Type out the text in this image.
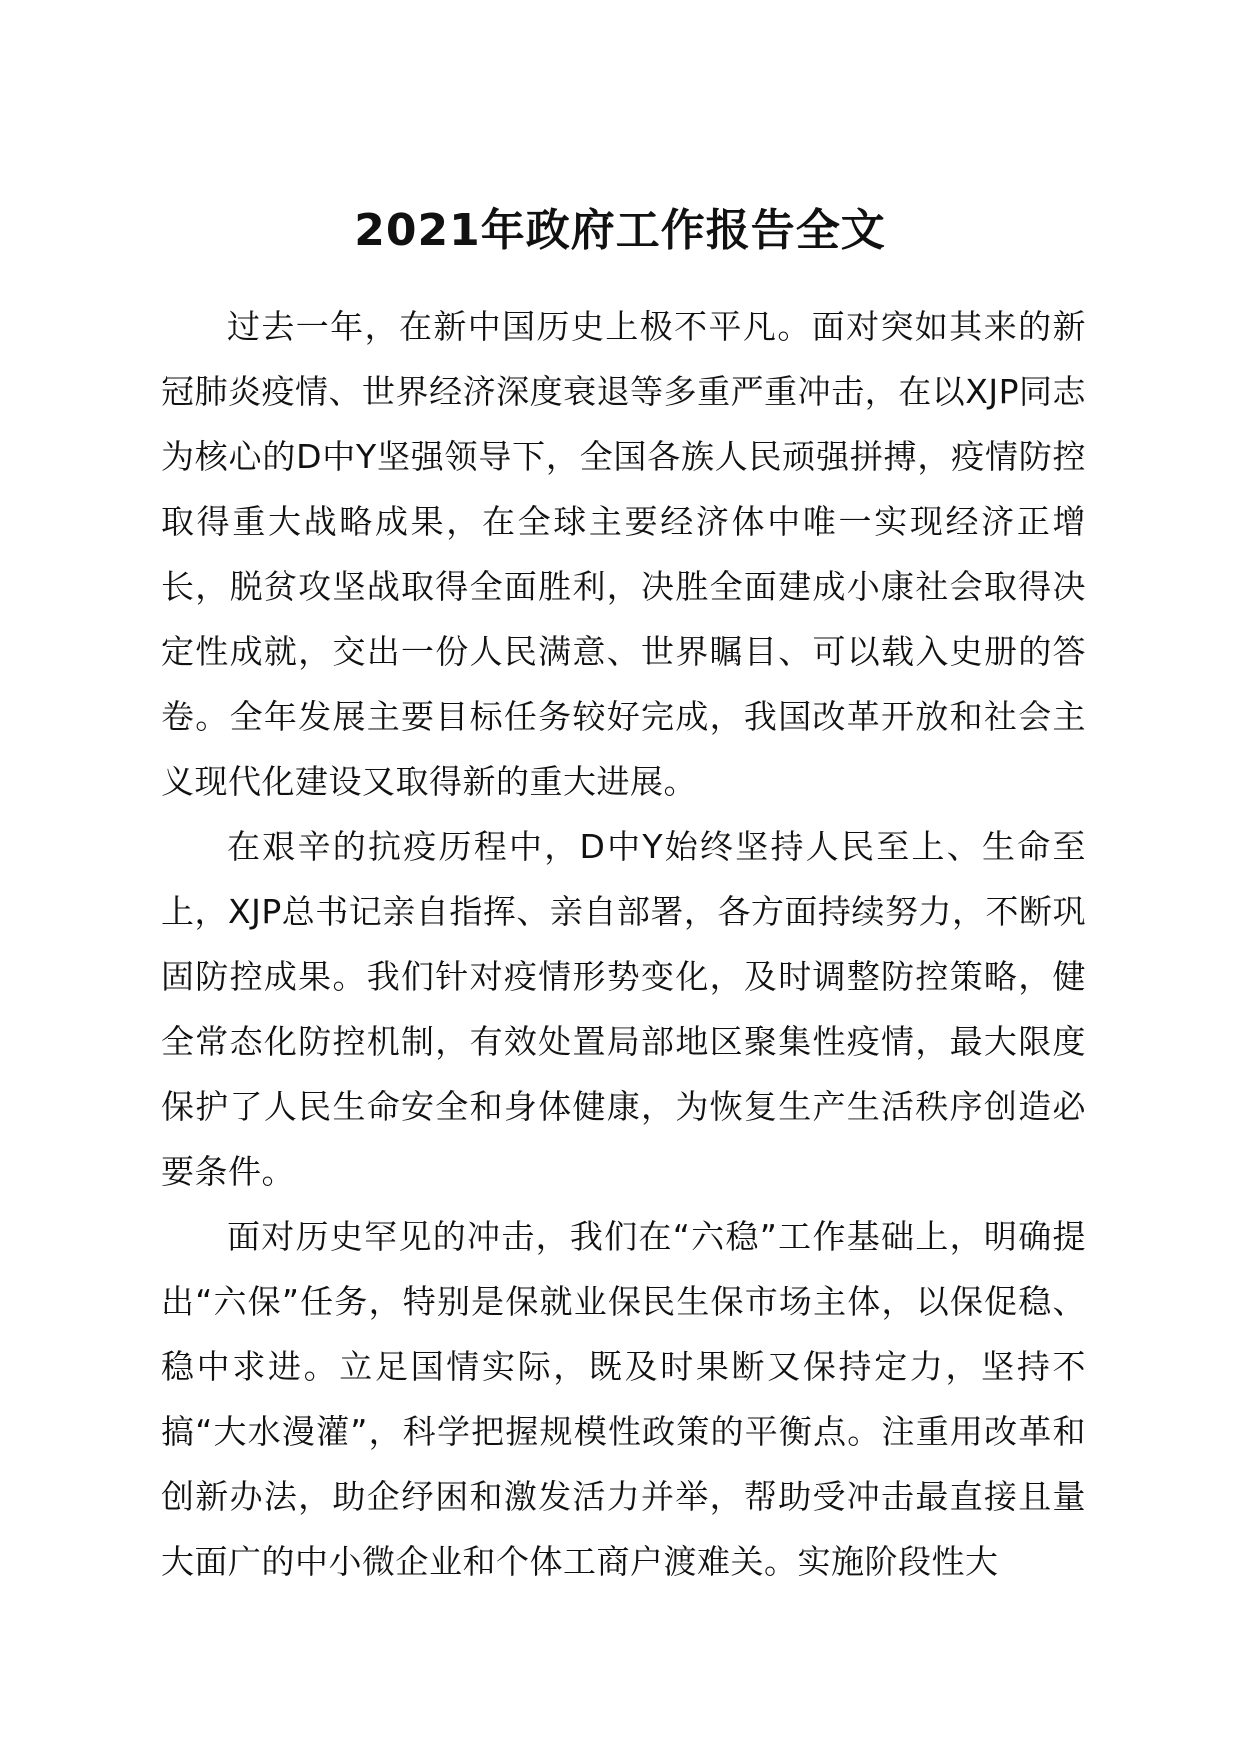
2021年政府工作报告全文

过去一年，在新中国历史上极不平凡。面对突如其来的新冠肺炎疫情、世界经济深度衰退等多重严重冲击，在以XJP同志为核心的D中Y坚强领导下，全国各族人民顽强拼搏，疫情防控取得重大战略成果，在全球主要经济体中唯一实现经济正增长，脱贫攻坚战取得全面胜利，决胜全面建成小康社会取得决定性成就，交出一份人民满意、世界瞩目、可以载入史册的答卷。全年发展主要目标任务较好完成，我国改革开放和社会主义现代化建设又取得新的重大进展。

在艰辛的抗疫历程中，D中Y始终坚持人民至上、生命至上，XJP总书记亲自指挥、亲自部署，各方面持续努力，不断巩固防控成果。我们针对疫情形势变化，及时调整防控策略，健全常态化防控机制，有效处置局部地区聚集性疫情，最大限度保护了人民生命安全和身体健康，为恢复生产生活秩序创造必要条件。

面对历史罕见的冲击，我们在“六稳”工作基础上，明确提出“六保”任务，特别是保就业保民生保市场主体，以保促稳、稳中求进。立足国情实际，既及时果断又保持定力，坚持不搞“大水漫灌”，科学把握规模性政策的平衡点。注重用改革和创新办法，助企纾困和激发活力并举，帮助受冲击最直接且量大面广的中小微企业和个体工商户渡难关。实施阶段性大
